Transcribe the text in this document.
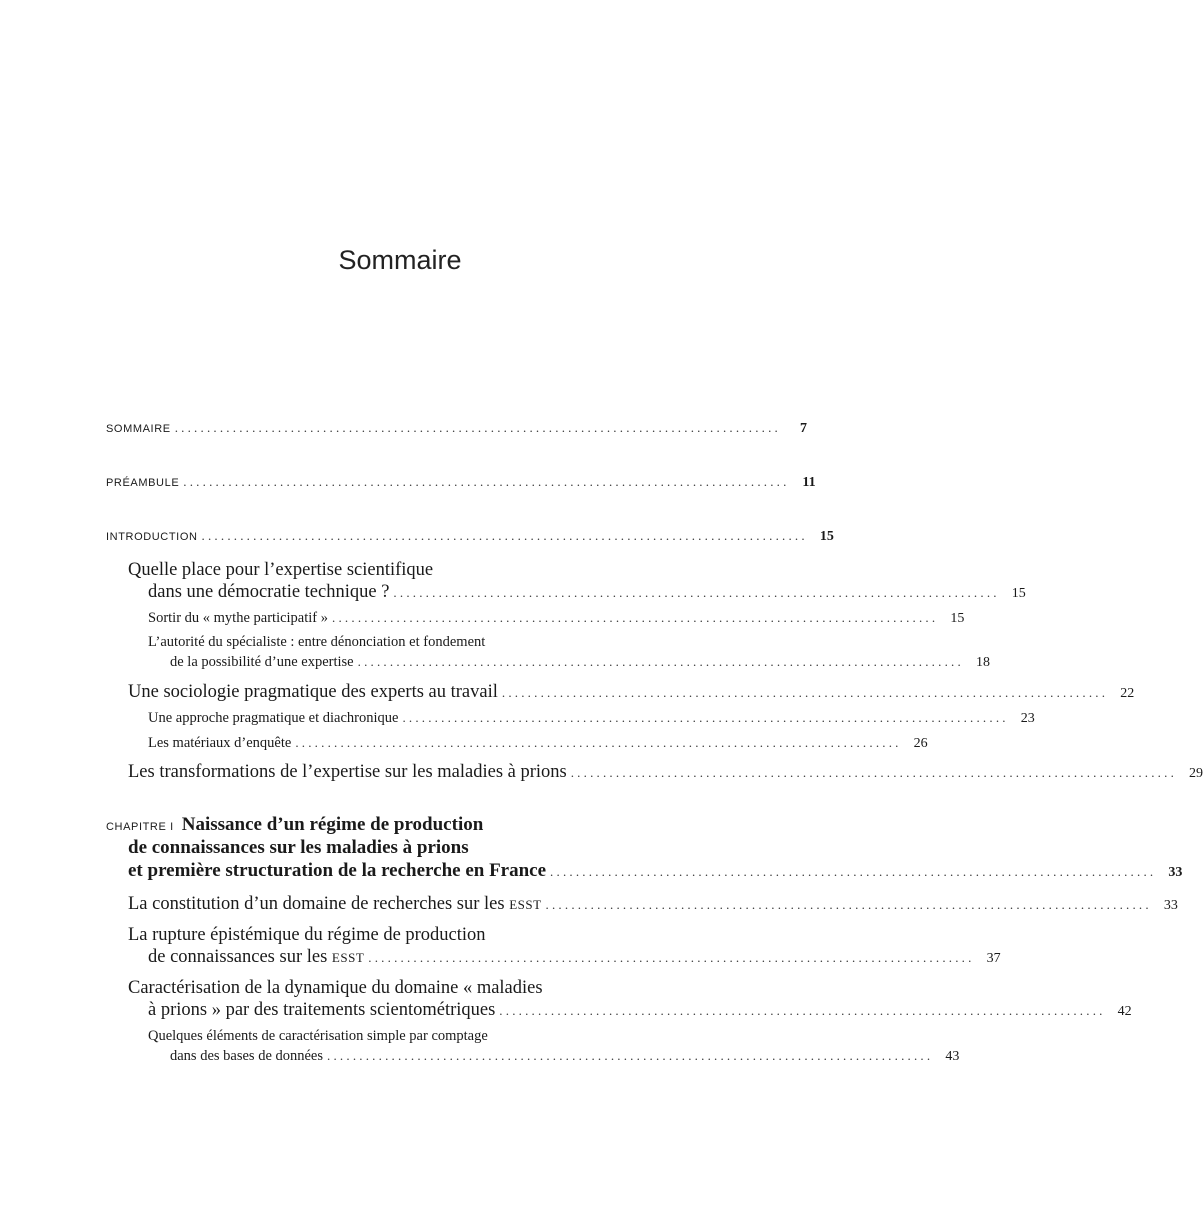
Sommaire
SOMMAIRE ..............................................................................................	7
PRÉAMBULE .............................................................................................. 11
INTRODUCTION .............................................................................................. 15
Quelle place pour l’expertise scientifique
dans une démocratie technique ? .............................................................................................. 15
Sortir du « mythe participatif » .............................................................................................. 15
L’autorité du spécialiste : entre dénonciation et fondement
de la possibilité d’une expertise .............................................................................................. 18
Une sociologie pragmatique des experts au travail .............................................................................................. 22
Une approche pragmatique et diachronique .............................................................................................. 23
Les matériaux d’enquête .............................................................................................. 26
Les transformations de l’expertise sur les maladies à prions .............................................................................................. 29
CHAPITRE I Naissance d’un régime de production
de connaissances sur les maladies à prions
et première structuration de la recherche en France .............................................................................................. 33
La constitution d’un domaine de recherches sur les ESST .............................................................................................. 33
La rupture épistémique du régime de production
de connaissances sur les ESST .............................................................................................. 37
Caractérisation de la dynamique du domaine « maladies
à prions » par des traitements scientométriques .............................................................................................. 42
Quelques éléments de caractérisation simple par comptage
dans des bases de données .............................................................................................. 43
